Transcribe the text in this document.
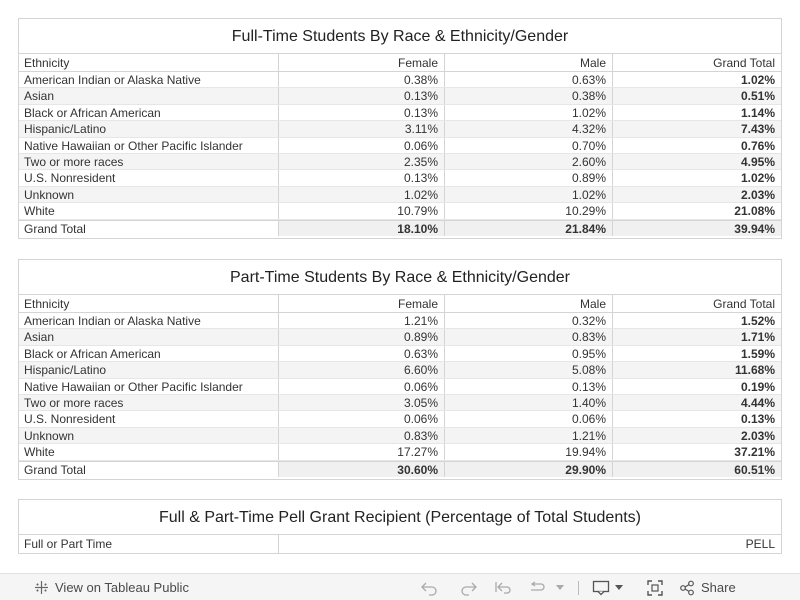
Full-Time Students By Race & Ethnicity/Gender
Ethnicity	Female	Male	Grand Total
American Indian or Alaska Native	0.38%	0.63%	1.02%
Asian	0.13%	0.38%	0.51%
Black or African American	0.13%	1.02%	1.14%
Hispanic/Latino	3.11%	4.32%	7.43%
Native Hawaiian or Other Pacific Islander	0.06%	0.70%	0.76%
Two or more races	2.35%	2.60%	4.95%
U.S. Nonresident	0.13%	0.89%	1.02%
Unknown	1.02%	1.02%	2.03%
White	10.79%	10.29%	21.08%
Grand Total	18.10%	21.84%	39.94%
Part-Time Students By Race & Ethnicity/Gender
Ethnicity	Female	Male	Grand Total
American Indian or Alaska Native	1.21%	0.32%	1.52%
Asian	0.89%	0.83%	1.71%
Black or African American	0.63%	0.95%	1.59%
Hispanic/Latino	6.60%	5.08%	11.68%
Native Hawaiian or Other Pacific Islander	0.06%	0.13%	0.19%
Two or more races	3.05%	1.40%	4.44%
U.S. Nonresident	0.06%	0.06%	0.13%
Unknown	0.83%	1.21%	2.03%
White	17.27%	19.94%	37.21%
Grand Total	30.60%	29.90%	60.51%
Full & Part-Time Pell Grant Recipient (Percentage of Total Students)
Full or Part Time	PELL
View on Tableau Public	Share
